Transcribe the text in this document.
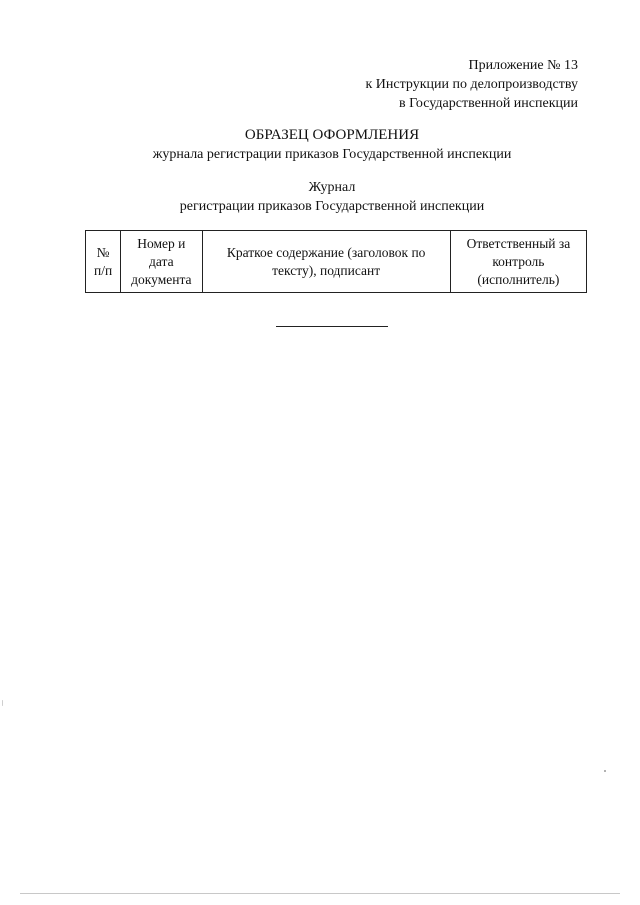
Приложение № 13
к Инструкции по делопроизводству
в Государственной инспекции
ОБРАЗЕЦ ОФОРМЛЕНИЯ
журнала регистрации приказов Государственной инспекции
Журнал
регистрации приказов Государственной инспекции
№
п/п

Номер и
дата
документа

Краткое содержание (заголовок по
тексту), подписант

Ответственный за
контроль
(исполнитель)
